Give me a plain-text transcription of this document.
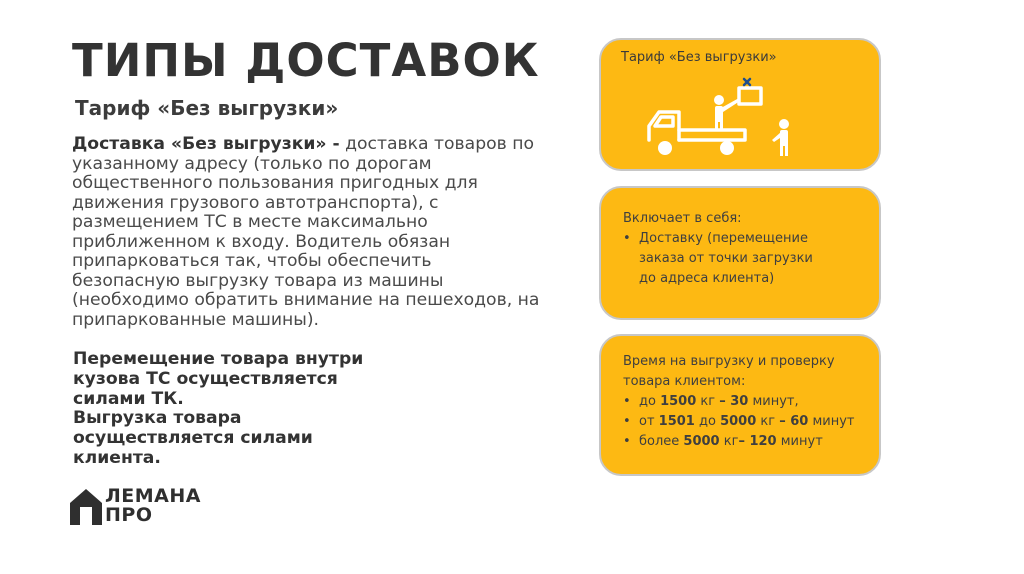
ТИПЫ ДОСТАВОК
Тариф «Без выгрузки»
Доставка «Без выгрузки» - доставка товаров по указанному адресу (только по дорогам общественного пользования пригодных для движения грузового автотранспорта), с размещением ТС в месте максимально приближенном к входу. Водитель обязан припарковаться так, чтобы обеспечить безопасную выгрузку товара из машины (необходимо обратить внимание на пешеходов, на припаркованные машины).
Перемещение товара внутри кузова ТС осуществляется силами ТК.
Выгрузка товара осуществляется силами клиента.
ЛЕМАНА
ПРО
Тариф «Без выгрузки»
Включает в себя:
• Доставку (перемещение заказа от точки загрузки до адреса клиента)
Время на выгрузку и проверку товара клиентом:
• до 1500 кг – 30 минут,
• от 1501 до 5000 кг – 60 минут
• более 5000 кг– 120 минут
